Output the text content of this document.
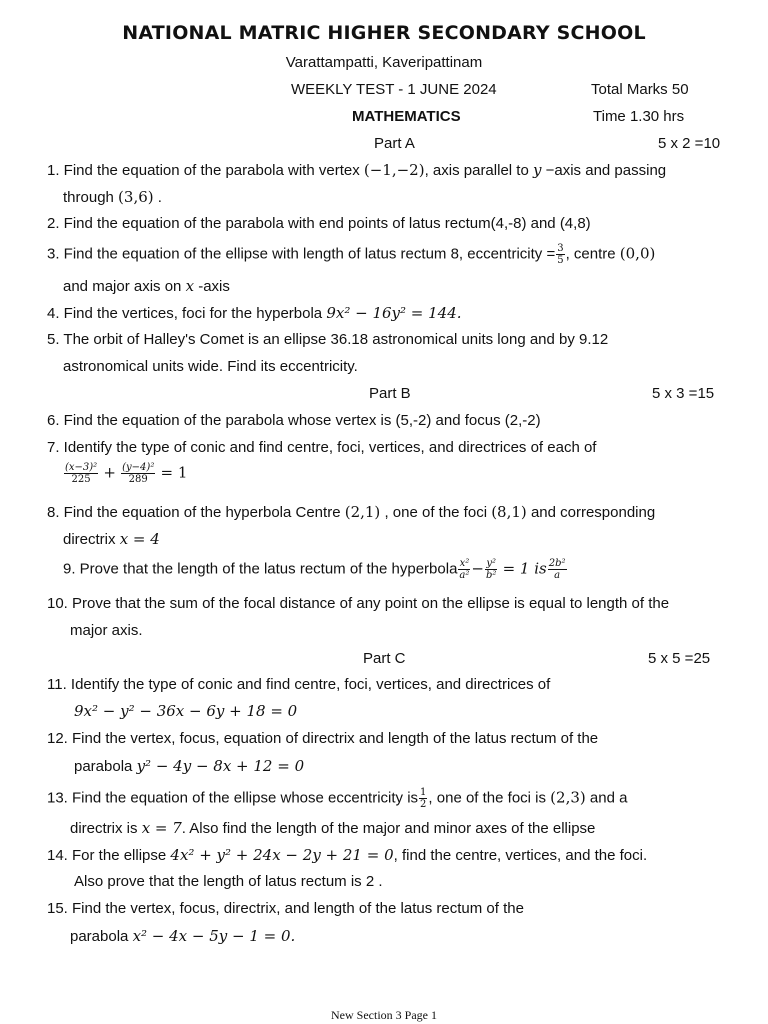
NATIONAL MATRIC HIGHER SECONDARY SCHOOL
Varattampatti, Kaveripattinam
WEEKLY TEST - 1 JUNE 2024	Total Marks 50
MATHEMATICS	Time 1.30 hrs
Part A	5 x 2 =10
1. Find the equation of the parabola with vertex (−1,−2), axis parallel to y −axis and passing
through (3,6) .
2. Find the equation of the parabola with end points of latus rectum(4,-8) and (4,8)
3. Find the equation of the ellipse with length of latus rectum 8, eccentricity = $\frac{3}{5}$ , centre (0,0)
and major axis on x -axis
4. Find the vertices, foci for the hyperbola 9x² − 16y² = 144.
5. The orbit of Halley's Comet is an ellipse 36.18 astronomical units long and by 9.12
astronomical units wide. Find its eccentricity.
Part B	5 x 3 =15
6. Find the equation of the parabola whose vertex is (5,-2) and focus (2,-2)
7. Identify the type of conic and find centre, foci, vertices, and directrices of each of
$\frac{\text{(x−3)²}}{225} + \frac{\text{(y−4)²}}{289} = 1$
8. Find the equation of the hyperbola Centre (2,1) , one of the foci (8,1) and corresponding
directrix x = 4
9. Prove that the length of the latus rectum of the hyperbola $\frac{\text{x²}}{\text{a²}} - \frac{\text{y²}}{\text{b²}} = 1$ is $\frac{\text{2b²}}{a}$
10. Prove that the sum of the focal distance of any point on the ellipse is equal to length of the
major axis.
Part C	5 x 5 =25
11. Identify the type of conic and find centre, foci, vertices, and directrices of
9x² − y² − 36x − 6y + 18 = 0
12. Find the vertex, focus, equation of directrix and length of the latus rectum of the
parabola y² − 4y − 8x + 12 = 0
13. Find the equation of the ellipse whose eccentricity is $\frac{1}{2}$ , one of the foci is (2,3) and a
directrix is x = 7. Also find the length of the major and minor axes of the ellipse
14. For the ellipse 4x² + y² + 24x − 2y + 21 = 0, find the centre, vertices, and the foci.
Also prove that the length of latus rectum is 2 .
15. Find the vertex, focus, directrix, and length of the latus rectum of the
parabola x² − 4x − 5y − 1 = 0.
New Section 3 Page 1
